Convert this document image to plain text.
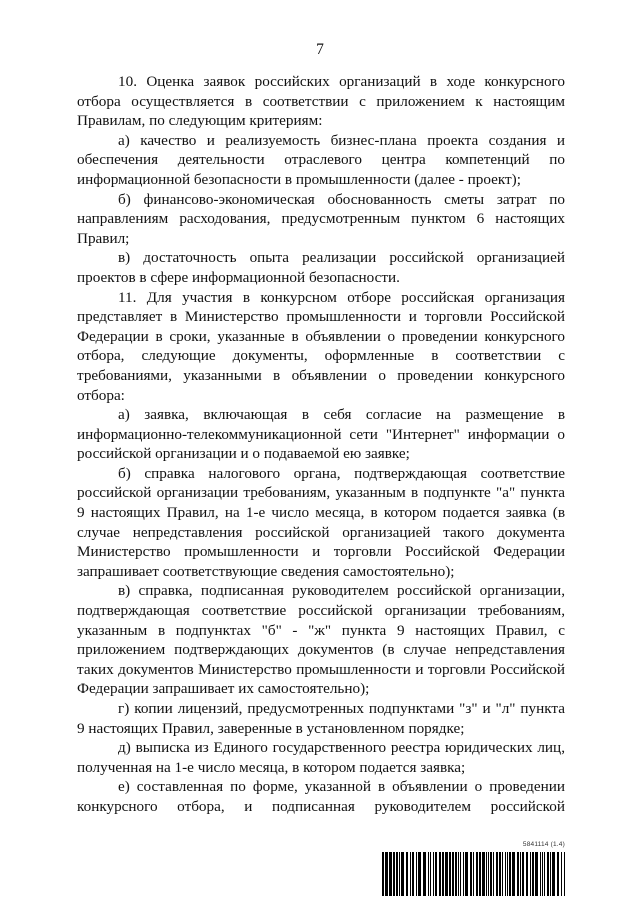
7

10. Оценка заявок российских организаций в ходе конкурсного отбора осуществляется в соответствии с приложением к настоящим Правилам, по следующим критериям:

а) качество и реализуемость бизнес-плана проекта создания и обеспечения деятельности отраслевого центра компетенций по информационной безопасности в промышленности (далее - проект);

б) финансово-экономическая обоснованность сметы затрат по направлениям расходования, предусмотренным пунктом 6 настоящих Правил;

в) достаточность опыта реализации российской организацией проектов в сфере информационной безопасности.

11. Для участия в конкурсном отборе российская организация представляет в Министерство промышленности и торговли Российской Федерации в сроки, указанные в объявлении о проведении конкурсного отбора, следующие документы, оформленные в соответствии с требованиями, указанными в объявлении о проведении конкурсного отбора:

а) заявка, включающая в себя согласие на размещение в информационно-телекоммуникационной сети "Интернет" информации о российской организации и о подаваемой ею заявке;

б) справка налогового органа, подтверждающая соответствие российской организации требованиям, указанным в подпункте "а" пункта 9 настоящих Правил, на 1-е число месяца, в котором подается заявка (в случае непредставления российской организацией такого документа Министерство промышленности и торговли Российской Федерации запрашивает соответствующие сведения самостоятельно);

в) справка, подписанная руководителем российской организации, подтверждающая соответствие российской организации требованиям, указанным в подпунктах "б" - "ж" пункта 9 настоящих Правил, с приложением подтверждающих документов (в случае непредставления таких документов Министерство промышленности и торговли Российской Федерации запрашивает их самостоятельно);

г) копии лицензий, предусмотренных подпунктами "з" и "л" пункта 9 настоящих Правил, заверенные в установленном порядке;

д) выписка из Единого государственного реестра юридических лиц, полученная на 1-е число месяца, в котором подается заявка;

е) составленная по форме, указанной в объявлении о проведении конкурсного отбора, и подписанная руководителем российской

5841114 (1.4)
